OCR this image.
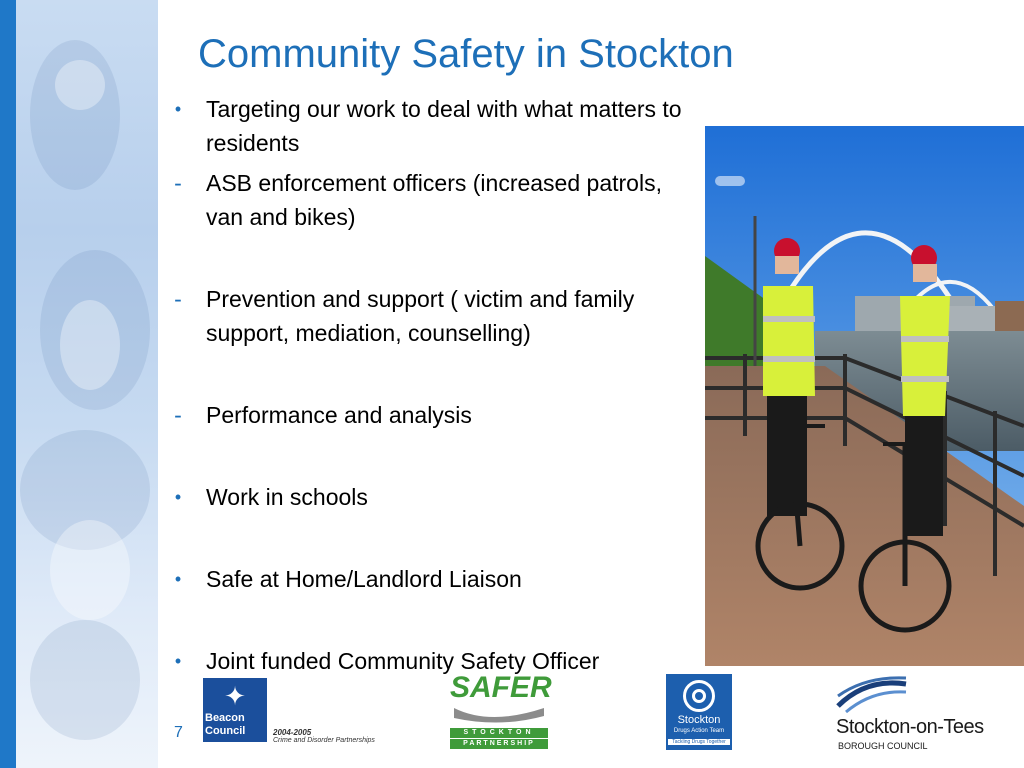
Community Safety in Stockton
• Targeting our work to deal with what matters to residents
- ASB enforcement officers (increased patrols, van and bikes)
- Prevention and support ( victim and family support, mediation, counselling)
- Performance and analysis
• Work in schools
• Safe at Home/Landlord Liaison
• Joint funded Community Safety Officer
7
✦
Beacon
Council	2004-2005
Crime and Disorder Partnerships
SAFER
STOCKTON
PARTNERSHIP
Stockton
Drugs Action Team
Tackling Drugs Together
Stockton-on-Tees
BOROUGH COUNCIL
